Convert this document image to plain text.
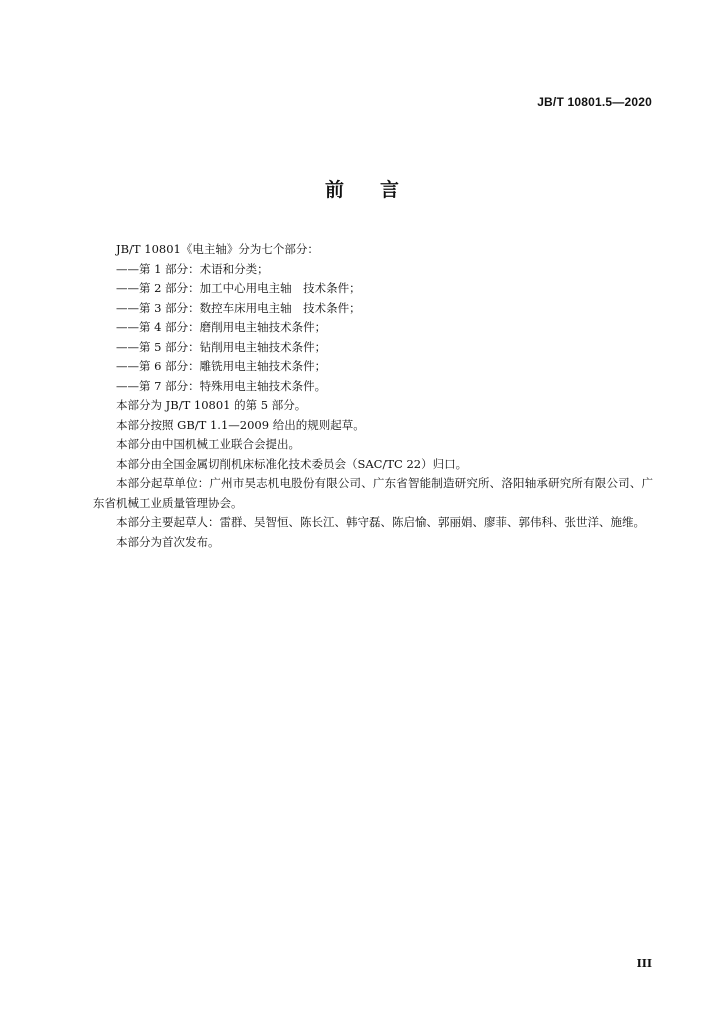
JB/T 10801.5—2020
前 言
JB/T 10801《电主轴》分为七个部分：
——第 1 部分：术语和分类；
——第 2 部分：加工中心用电主轴　技术条件；
——第 3 部分：数控车床用电主轴　技术条件；
——第 4 部分：磨削用电主轴技术条件；
——第 5 部分：钻削用电主轴技术条件；
——第 6 部分：雕铣用电主轴技术条件；
——第 7 部分：特殊用电主轴技术条件。
本部分为 JB/T 10801 的第 5 部分。
本部分按照 GB/T 1.1—2009 给出的规则起草。
本部分由中国机械工业联合会提出。
本部分由全国金属切削机床标准化技术委员会（SAC/TC 22）归口。
本部分起草单位：广州市昊志机电股份有限公司、广东省智能制造研究所、洛阳轴承研究所有限公司、广东省机械工业质量管理协会。
本部分主要起草人：雷群、吴智恒、陈长江、韩守磊、陈启愉、郭丽娟、廖菲、郭伟科、张世洋、施维。
本部分为首次发布。
III
